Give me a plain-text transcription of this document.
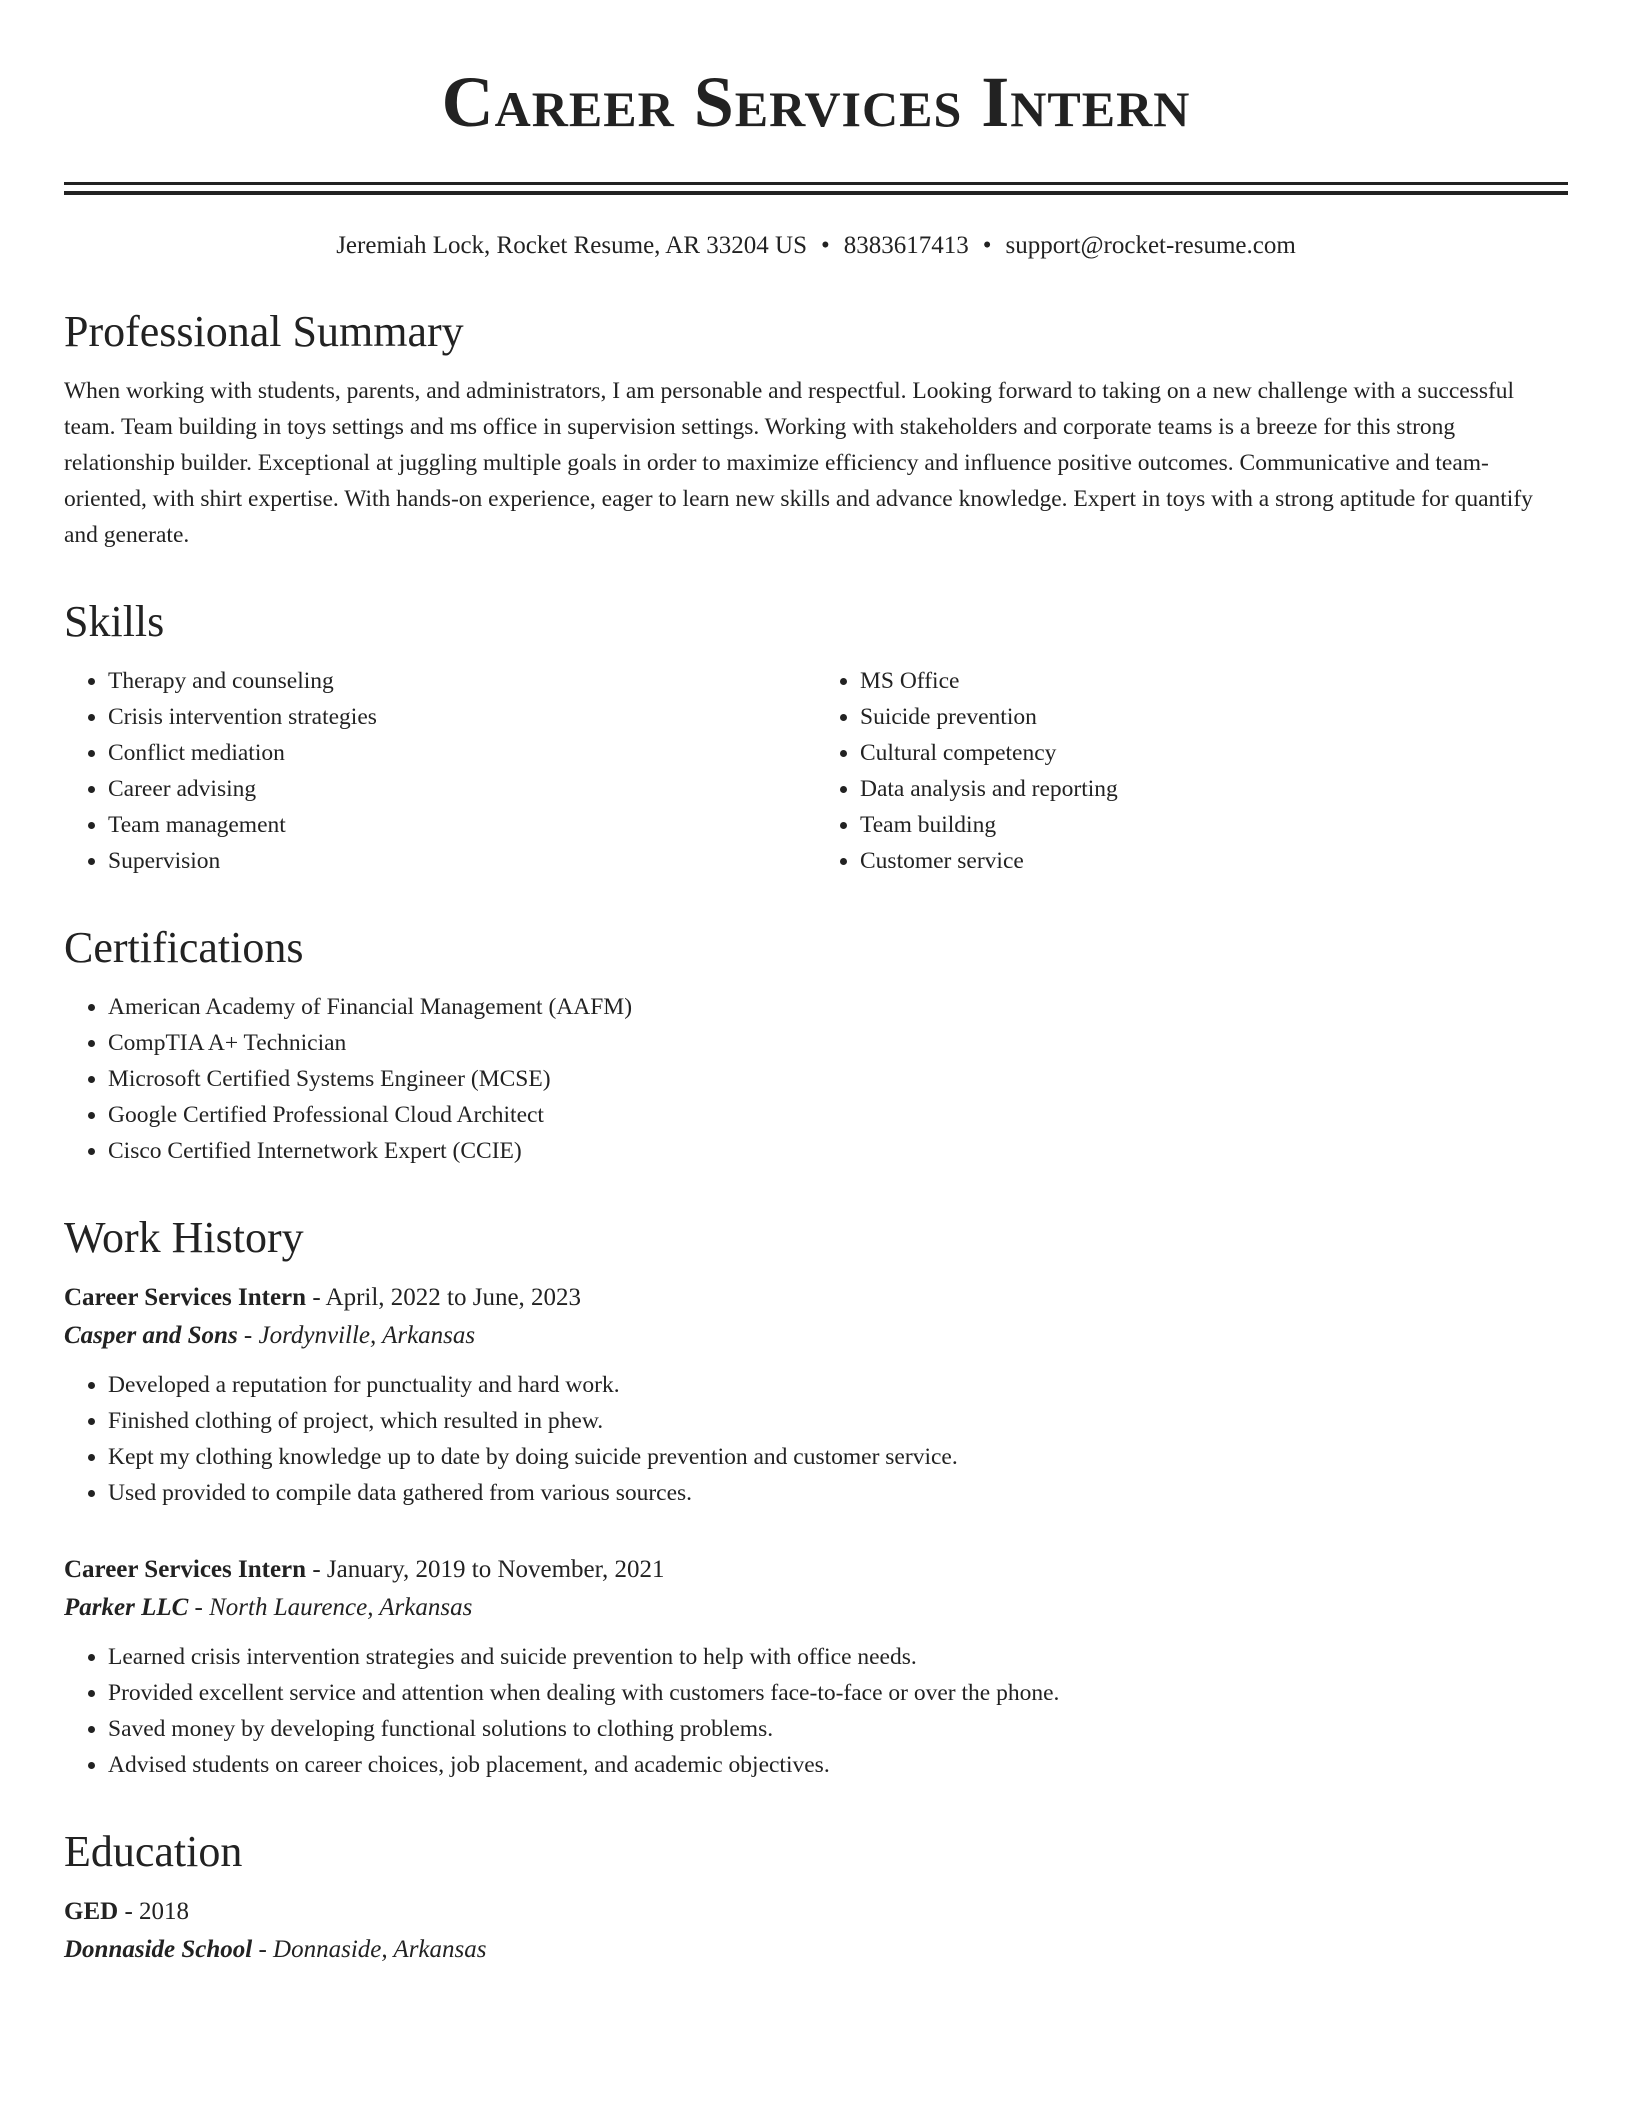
Career Services Intern
Jeremiah Lock, Rocket Resume, AR 33204 US • 8383617413 • support@rocket-resume.com
Professional Summary

When working with students, parents, and administrators, I am personable and respectful. Looking forward to taking on a new challenge with a successful team. Team building in toys settings and ms office in supervision settings. Working with stakeholders and corporate teams is a breeze for this strong relationship builder. Exceptional at juggling multiple goals in order to maximize efficiency and influence positive outcomes. Communicative and team-oriented, with shirt expertise. With hands-on experience, eager to learn new skills and advance knowledge. Expert in toys with a strong aptitude for quantify and generate.

Skills
• Therapy and counseling
• Crisis intervention strategies
• Conflict mediation
• Career advising
• Team management
• Supervision
• MS Office
• Suicide prevention
• Cultural competency
• Data analysis and reporting
• Team building
• Customer service
Certifications
• American Academy of Financial Management (AAFM)
• CompTIA A+ Technician
• Microsoft Certified Systems Engineer (MCSE)
• Google Certified Professional Cloud Architect
• Cisco Certified Internetwork Expert (CCIE)
Work History
Career Services Intern - April, 2022 to June, 2023
Casper and Sons - Jordynville, Arkansas
• Developed a reputation for punctuality and hard work.
• Finished clothing of project, which resulted in phew.
• Kept my clothing knowledge up to date by doing suicide prevention and customer service.
• Used provided to compile data gathered from various sources.
Career Services Intern - January, 2019 to November, 2021
Parker LLC - North Laurence, Arkansas
• Learned crisis intervention strategies and suicide prevention to help with office needs.
• Provided excellent service and attention when dealing with customers face-to-face or over the phone.
• Saved money by developing functional solutions to clothing problems.
• Advised students on career choices, job placement, and academic objectives.
Education
GED - 2018
Donnaside School - Donnaside, Arkansas
